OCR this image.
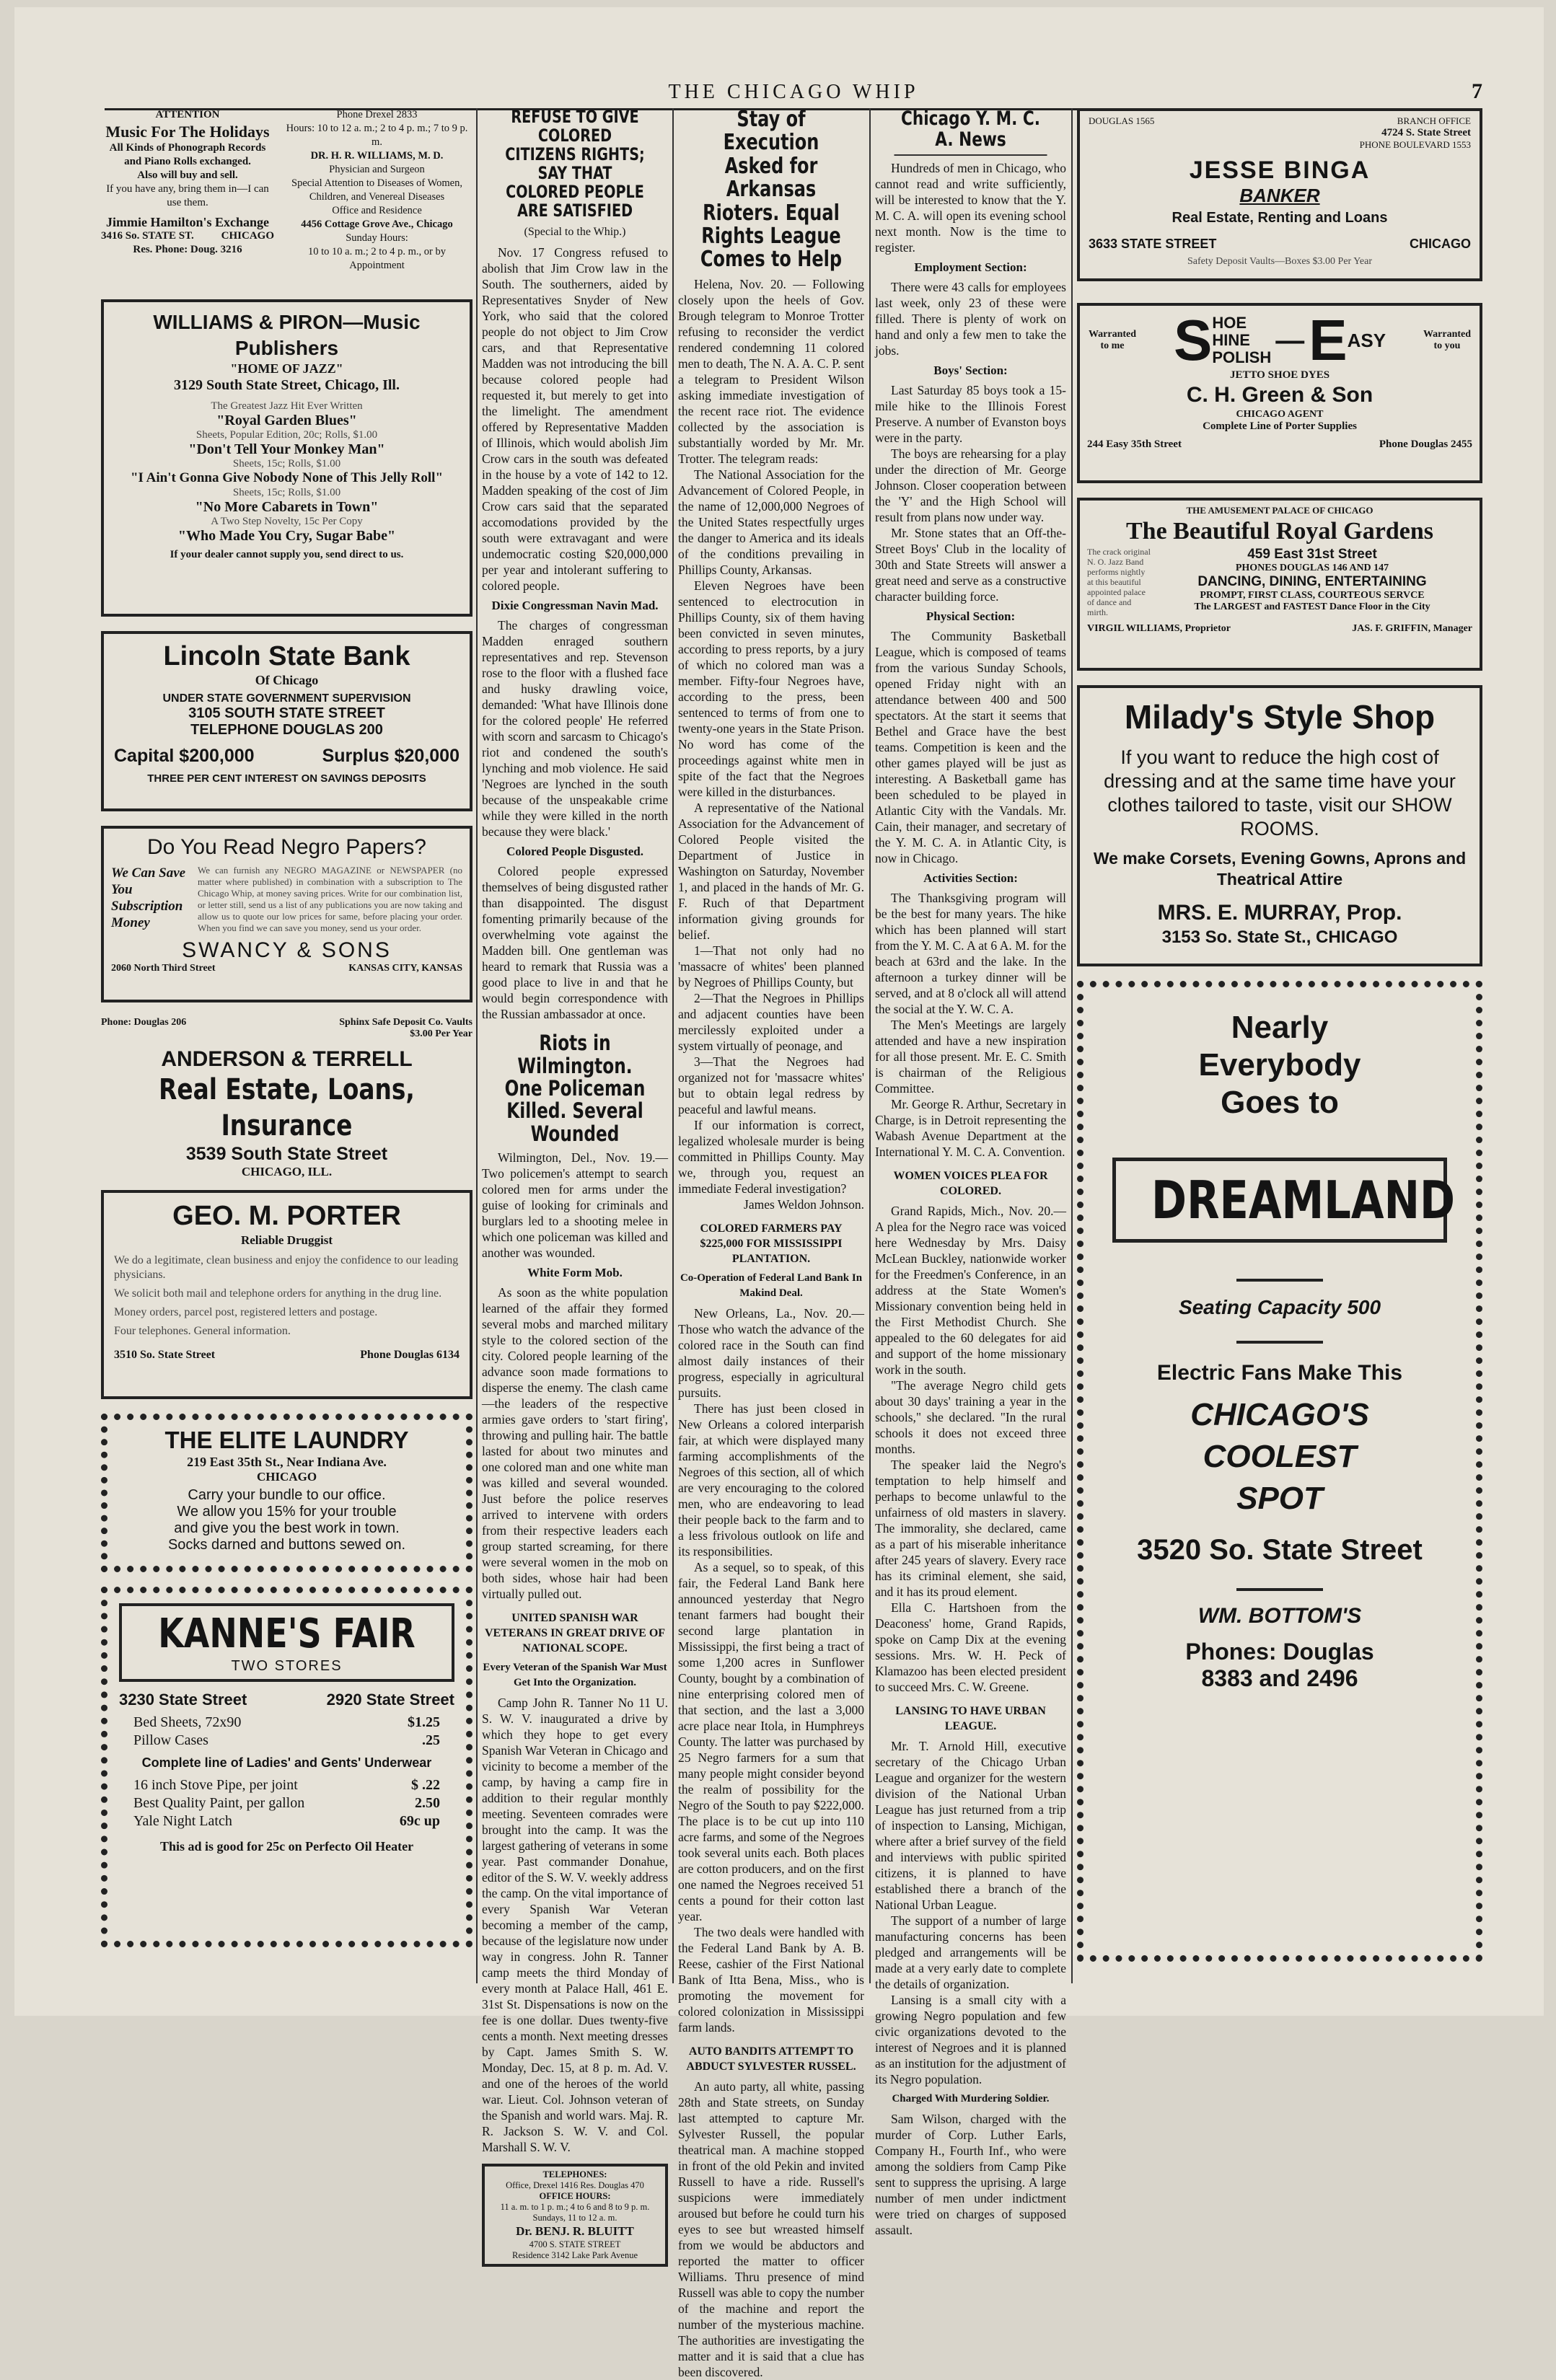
THE CHICAGO WHIP	7
ATTENTION
Music For The Holidays
All Kinds of Phonograph Records and Piano Rolls exchanged.
Also will buy and sell.
If you have any, bring them in—I can use them.
Jimmie Hamilton's Exchange
3416 So. STATE ST.	CHICAGO
Res. Phone: Doug. 3216
Phone Drexel 2833
Hours: 10 to 12 a. m.; 2 to 4 p. m.; 7 to 9 p. m.
DR. H. R. WILLIAMS, M. D.
Physician and Surgeon
Special Attention to Diseases of Women, Children, and Venereal Diseases
Office and Residence
4456 Cottage Grove Ave., Chicago
Sunday Hours:
10 to 10 a. m.; 2 to 4 p. m., or by Appointment
WILLIAMS & PIRON—Music Publishers
"HOME OF JAZZ"
3129 South State Street, Chicago, Ill.
The Greatest Jazz Hit Ever Written
"Royal Garden Blues"
Sheets, Popular Edition, 20c; Rolls, $1.00
"Don't Tell Your Monkey Man"
Sheets, 15c; Rolls, $1.00
"I Ain't Gonna Give Nobody None of This Jelly Roll"
Sheets, 15c; Rolls, $1.00
"No More Cabarets in Town"
A Two Step Novelty, 15c Per Copy
"Who Made You Cry, Sugar Babe"
If your dealer cannot supply you, send direct to us.
Lincoln State Bank
Of Chicago
UNDER STATE GOVERNMENT SUPERVISION
3105 SOUTH STATE STREET
TELEPHONE DOUGLAS 200
Capital $200,000	Surplus $20,000
THREE PER CENT INTEREST ON SAVINGS DEPOSITS
Do You Read Negro Papers?
We Can Save You Subscription Money
We can furnish any NEGRO MAGAZINE or NEWSPAPER (no matter where published) in combination with a subscription to The Chicago Whip, at money saving prices. Write for our combination list, or letter still, send us a list of any publications you are now taking and allow us to quote our low prices for same, before placing your order. When you find we can save you money, send us your order.
SWANCY & SONS
2060 North Third Street	KANSAS CITY, KANSAS
Phone: Douglas 206	Sphinx Safe Deposit Co. Vaults $3.00 Per Year
ANDERSON & TERRELL
Real Estate, Loans, Insurance
3539 South State Street
CHICAGO, ILL.
GEO. M. PORTER
Reliable Druggist
We do a legitimate, clean business and enjoy the confidence to our leading physicians.
We solicit both mail and telephone orders for anything in the drug line.
Money orders, parcel post, registered letters and postage.
Four telephones. General information.
3510 So. State Street	Phone Douglas 6134
THE ELITE LAUNDRY
219 East 35th St., Near Indiana Ave.
CHICAGO
Carry your bundle to our office.
We allow you 15% for your trouble
and give you the best work in town.
Socks darned and buttons sewed on.
KANNE'S FAIR
TWO STORES
3230 State Street	2920 State Street
Bed Sheets, 72x90	$1.25
Pillow Cases	.25
Complete line of Ladies' and Gents' Underwear
16 inch Stove Pipe, per joint	$ .22
Best Quality Paint, per gallon	2.50
Yale Night Latch	69c up
This ad is good for 25c on Perfecto Oil Heater
REFUSE TO GIVE COLORED CITIZENS RIGHTS; SAY THAT COLORED PEOPLE ARE SATISFIED
(Special to the Whip.)

Nov. 17 Congress refused to abolish that Jim Crow law in the South. The southerners, aided by Representatives Snyder of New York, who said that the colored people do not object to Jim Crow cars, and that Representative Madden was not introducing the bill because colored people had requested it, but merely to get into the limelight. The amendment offered by Representative Madden of Illinois, which would abolish Jim Crow cars in the south was defeated in the house by a vote of 142 to 12. Madden speaking of the cost of Jim Crow cars said that the separated accomodations provided by the south were extravagant and were undemocratic costing $20,000,000 per year and intolerant suffering to colored people.

Dixie Congressman Navin Mad.

The charges of congressman Madden enraged southern representatives and rep. Stevenson rose to the floor with a flushed face and husky drawling voice, demanded: 'What have Illinois done for the colored people' He referred with scorn and sarcasm to Chicago's riot and condened the south's lynching and mob violence. He said 'Negroes are lynched in the south because of the unspeakable crime while they were killed in the north because they were black.'

Colored People Disgusted.

Colored people expressed themselves of being disgusted rather than disappointed. The disgust fomenting primarily because of the overwhelming vote against the Madden bill. One gentleman was heard to remark that Russia was a good place to live in and that he would begin correspondence with the Russian ambassador at once.

Riots in Wilmington. One Policeman Killed. Several Wounded

Wilmington, Del., Nov. 19.—Two policemen's attempt to search colored men for arms under the guise of looking for criminals and burglars led to a shooting melee in which one policeman was killed and another was wounded.

White Form Mob.

As soon as the white population learned of the affair they formed several mobs and marched military style to the colored section of the city. Colored people learning of the advance soon made formations to disperse the enemy. The clash came—the leaders of the respective armies gave orders to 'start firing', throwing and pulling hair. The battle lasted for about two minutes and one colored man and one white man was killed and several wounded. Just before the police reserves arrived to intervene with orders from their respective leaders each group started screaming, for there were several women in the mob on both sides, whose hair had been virtually pulled out.

UNITED SPANISH WAR VETERANS IN GREAT DRIVE OF NATIONAL SCOPE.
Every Veteran of the Spanish War Must Get Into the Organization.

Camp John R. Tanner No 11 U. S. W. V. inaugurated a drive by which they hope to get every Spanish War Veteran in Chicago and vicinity to become a member of the camp, by having a camp fire in addition to their regular monthly meeting. Seventeen comrades were brought into the camp. It was the largest gathering of veterans in some year. Past commander Donahue, editor of the S. W. V. weekly address the camp. On the vital importance of every Spanish War Veteran becoming a member of the camp, because of the legislature now under way in congress. John R. Tanner camp meets the third Monday of every month at Palace Hall, 461 E. 31st St. Dispensations is now on the fee is one dollar. Dues twenty-five cents a month. Next meeting dresses by Capt. James Smith S. W. Monday, Dec. 15, at 8 p. m. Ad. V. and one of the heroes of the world war. Lieut. Col. Johnson veteran of the Spanish and world wars. Maj. R. R. Jackson S. W. V. and Col. Marshall S. W. V.

TELEPHONES:
Office, Drexel 1416 Res. Douglas 470
OFFICE HOURS:
11 a. m. to 1 p. m.; 4 to 6 and 8 to 9 p. m. Sundays, 11 to 12 a. m.
Dr. BENJ. R. BLUITT
4700 S. STATE STREET
Residence 3142 Lake Park Avenue
Stay of Execution Asked for Arkansas Rioters. Equal Rights League Comes to Help

Helena, Nov. 20. — Following closely upon the heels of Gov. Brough telegram to Monroe Trotter refusing to reconsider the verdict rendered condemning 11 colored men to death, The N. A. A. C. P. sent a telegram to President Wilson asking immediate investigation of the recent race riot. The evidence collected by the association is substantially worded by Mr. Mr. Trotter. The telegram reads:

The National Association for the Advancement of Colored People, in the name of 12,000,000 Negroes of the United States respectfully urges the danger to America and its ideals of the conditions prevailing in Phillips County, Arkansas.

Eleven Negroes have been sentenced to electrocution in Phillips County, six of them having been convicted in seven minutes, according to press reports, by a jury of which no colored man was a member. Fifty-four Negroes have, according to the press, been sentenced to terms of from one to twenty-one years in the State Prison. No word has come of the proceedings against white men in spite of the fact that the Negroes were killed in the disturbances.

A representative of the National Association for the Advancement of Colored People visited the Department of Justice in Washington on Saturday, November 1, and placed in the hands of Mr. G. F. Ruch of that Department information giving grounds for belief.

1—That not only had no 'massacre of whites' been planned by Negroes of Phillips County, but

2—That the Negroes in Phillips and adjacent counties have been mercilessly exploited under a system virtually of peonage, and

3—That the Negroes had organized not for 'massacre whites' but to obtain legal redress by peaceful and lawful means.

If our information is correct, legalized wholesale murder is being committed in Phillips County. May we, through you, request an immediate Federal investigation?

James Weldon Johnson.
COLORED FARMERS PAY $225,000 FOR MISSISSIPPI PLANTATION.
Co-Operation of Federal Land Bank In Makind Deal.

New Orleans, La., Nov. 20.—Those who watch the advance of the colored race in the South can find almost daily instances of their progress, especially in agricultural pursuits.

There has just been closed in New Orleans a colored interparish fair, at which were displayed many farming accomplishments of the Negroes of this section, all of which are very encouraging to the colored men, who are endeavoring to lead their people back to the farm and to a less frivolous outlook on life and its responsibilities.

As a sequel, so to speak, of this fair, the Federal Land Bank here announced yesterday that Negro tenant farmers had bought their second large plantation in Mississippi, the first being a tract of some 1,200 acres in Sunflower County, bought by a combination of nine enterprising colored men of that section, and the last a 3,000 acre place near Itola, in Humphreys County. The latter was purchased by 25 Negro farmers for a sum that many people might consider beyond the realm of possibility for the Negro of the South to pay $222,000. The place is to be cut up into 110 acre farms, and some of the Negroes took several units each. Both places are cotton producers, and on the first one named the Negroes received 51 cents a pound for their cotton last year.

The two deals were handled with the Federal Land Bank by A. B. Reese, cashier of the First National Bank of Itta Bena, Miss., who is promoting the movement for colored colonization in Mississippi farm lands.

AUTO BANDITS ATTEMPT TO ABDUCT SYLVESTER RUSSEL.

An auto party, all white, passing 28th and State streets, on Sunday last attempted to capture Mr. Sylvester Russell, the popular theatrical man. A machine stopped in front of the old Pekin and invited Russell to have a ride. Russell's suspicions were immediately aroused but before he could turn his eyes to see but wreasted himself from we would be abductors and reported the matter to officer Williams. Thru presence of mind Russell was able to copy the number of the machine and report the number of the mysterious machine. The authorities are investigating the matter and it is said that a clue has been discovered.

Chicago Y. M. C. A. News

Hundreds of men in Chicago, who cannot read and write sufficiently, will be interested to know that the Y. M. C. A. will open its evening school next month. Now is the time to register.

Employment Section:

There were 43 calls for employees last week, only 23 of these were filled. There is plenty of work on hand and only a few men to take the jobs.

Boys' Section:

Last Saturday 85 boys took a 15-mile hike to the Illinois Forest Preserve. A number of Evanston boys were in the party.

The boys are rehearsing for a play under the direction of Mr. George Johnson. Closer cooperation between the 'Y' and the High School will result from plans now under way.

Mr. Stone states that an Off-the-Street Boys' Club in the locality of 30th and State Streets will answer a great need and serve as a constructive character building force.

Physical Section:

The Community Basketball League, which is composed of teams from the various Sunday Schools, opened Friday night with an attendance between 400 and 500 spectators. At the start it seems that Bethel and Grace have the best teams. Competition is keen and the other games played will be just as interesting. A Basketball game has been scheduled to be played in Atlantic City with the Vandals. Mr. Cain, their manager, and secretary of the Y. M. C. A. in Atlantic City, is now in Chicago.

Activities Section:

The Thanksgiving program will be the best for many years. The hike which has been planned will start from the Y. M. C. A at 6 A. M. for the beach at 63rd and the lake. In the afternoon a turkey dinner will be served, and at 8 o'clock all will attend the social at the Y. W. C. A.

The Men's Meetings are largely attended and have a new inspiration for all those present. Mr. E. C. Smith is chairman of the Religious Committee.

Mr. George R. Arthur, Secretary in Charge, is in Detroit representing the Wabash Avenue Department at the International Y. M. C. A. Convention.

WOMEN VOICES PLEA FOR COLORED.

Grand Rapids, Mich., Nov. 20.—A plea for the Negro race was voiced here Wednesday by Mrs. Daisy McLean Buckley, nationwide worker for the Freedmen's Conference, in an address at the State Women's Missionary convention being held in the First Methodist Church. She appealed to the 60 delegates for aid and support of the home missionary work in the south.

"The average Negro child gets about 30 days' training a year in the schools," she declared. "In the rural schools it does not exceed three months.

The speaker laid the Negro's temptation to help himself and perhaps to become unlawful to the unfairness of old masters in slavery. The immorality, she declared, came as a part of his miserable inheritance after 245 years of slavery. Every race has its criminal element, she said, and it has its proud element.

Ella C. Hartshoen from the Deaconess' home, Grand Rapids, spoke on Camp Dix at the evening sessions. Mrs. W. H. Peck of Klamazoo has been elected president to succeed Mrs. C. W. Greene.

LANSING TO HAVE URBAN LEAGUE.

Mr. T. Arnold Hill, executive secretary of the Chicago Urban League and organizer for the western division of the National Urban League has just returned from a trip of inspection to Lansing, Michigan, where after a brief survey of the field and interviews with public spirited citizens, it is planned to have established there a branch of the National Urban League.

The support of a number of large manufacturing concerns has been pledged and arrangements will be made at a very early date to complete the details of organization.

Lansing is a small city with a growing Negro population and few civic organizations devoted to the interest of Negroes and it is planned as an institution for the adjustment of its Negro population.

Charged With Murdering Soldier.

Sam Wilson, charged with the murder of Corp. Luther Earls, Company H., Fourth Inf., who were among the soldiers from Camp Pike sent to suppress the uprising. A large number of men under indictment were tried on charges of supposed assault.

DOUGLAS 1565	BRANCH OFFICE
4724 S. State Street
PHONE BOULEVARD 1553
JESSE BINGA
BANKER
Real Estate, Renting and Loans
3633 STATE STREET	CHICAGO
Safety Deposit Vaults—Boxes $3.00 Per Year
Warranted to me S HOE
HINE
POLISH
— E ASY	Warranted to you
JETTO SHOE DYES
C. H. Green & Son
CHICAGO AGENT
Complete Line of Porter Supplies
244 Easy 35th Street	Phone Douglas 2455
THE AMUSEMENT PALACE OF CHICAGO
The Beautiful Royal Gardens
The crack original N. O. Jazz Band performs nightly at this beautiful appointed palace of dance and mirth.
459 East 31st Street
PHONES DOUGLAS 146 AND 147
DANCING, DINING, ENTERTAINING
PROMPT, FIRST CLASS, COURTEOUS SERVCE
The LARGEST and FASTEST Dance Floor in the City
VIRGIL WILLIAMS, Proprietor	JAS. F. GRIFFIN, Manager
Milady's Style Shop
If you want to reduce the high cost of dressing and at the same time have your clothes tailored to taste, visit our SHOW ROOMS.
We make Corsets, Evening Gowns, Aprons and Theatrical Attire
MRS. E. MURRAY, Prop.
3153 So. State St., CHICAGO
Nearly
Everybody
Goes to
DREAMLAND
Seating Capacity 500
Electric Fans Make This
CHICAGO'S
COOLEST
SPOT
3520 So. State Street
WM. BOTTOM'S
Phones: Douglas
8383 and 2496
